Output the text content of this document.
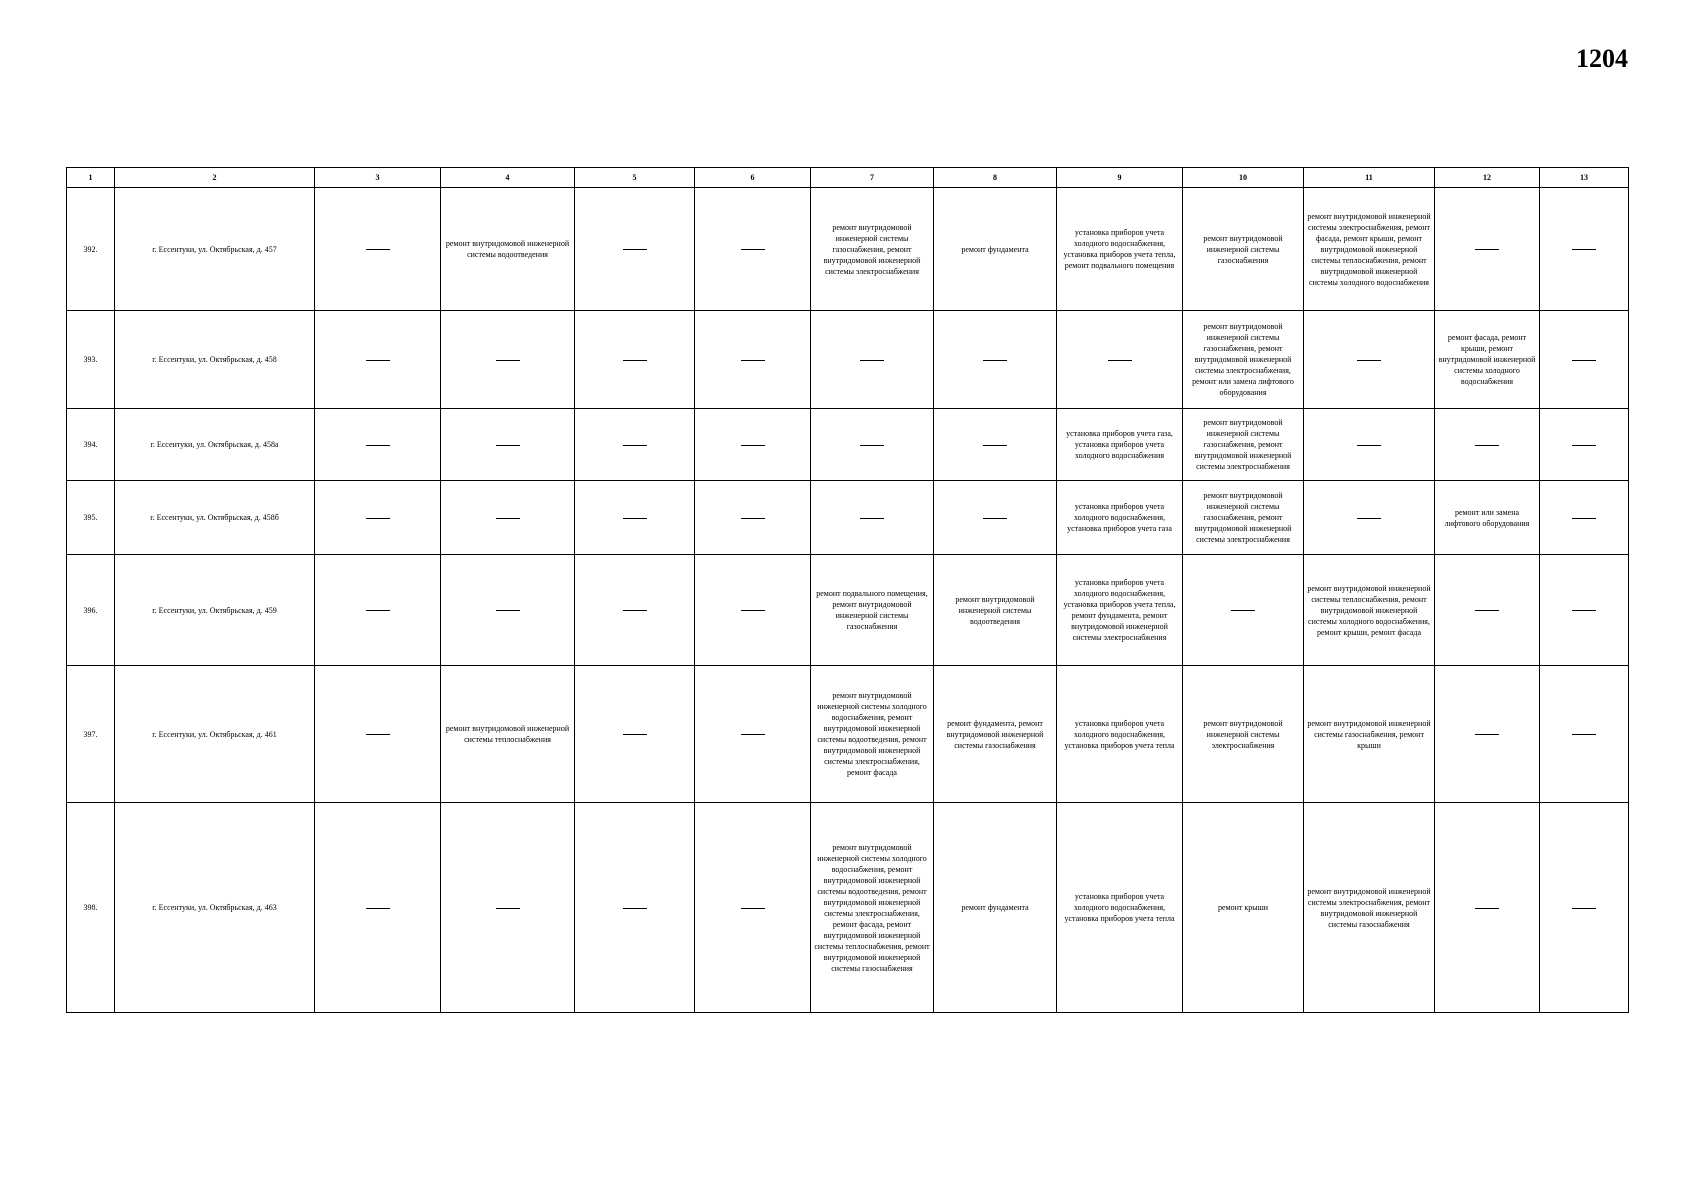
1204
1	2	3	4	5	6	7	8	9	10	11	12	13
392.	г. Ессентуки, ул. Октябрьская, д. 457		ремонт внутридомовой инженерной системы водоотведения			ремонт внутридомовой инженерной системы газоснабжения, ремонт внутридомовой инженерной системы электроснабжения	ремонт фундамента	установка приборов учета холодного водоснабжения, установка приборов учета тепла, ремонт подвального помещения	ремонт внутридомовой инженерной системы газоснабжения	ремонт внутридомовой инженерной системы электроснабжения, ремонт фасада, ремонт крыши, ремонт внутридомовой инженерной системы теплоснабжения, ремонт внутридомовой инженерной системы холодного водоснабжения		
393.	г. Ессентуки, ул. Октябрьская, д. 458								ремонт внутридомовой инженерной системы газоснабжения, ремонт внутридомовой инженерной системы электроснабжения, ремонт или замена лифтового оборудования		ремонт фасада, ремонт крыши, ремонт внутридомовой инженерной системы холодного водоснабжения	
394.	г. Ессентуки, ул. Октябрьская, д. 458а							установка приборов учета газа, установка приборов учета холодного водоснабжения	ремонт внутридомовой инженерной системы газоснабжения, ремонт внутридомовой инженерной системы электроснабжения			
395.	г. Ессентуки, ул. Октябрьская, д. 458б							установка приборов учета холодного водоснабжения, установка приборов учета газа	ремонт внутридомовой инженерной системы газоснабжения, ремонт внутридомовой инженерной системы электроснабжения		ремонт или замена лифтового оборудования	
396.	г. Ессентуки, ул. Октябрьская, д. 459					ремонт подвального помещения, ремонт внутридомовой инженерной системы газоснабжения	ремонт внутридомовой инженерной системы водоотведения	установка приборов учета холодного водоснабжения, установка приборов учета тепла, ремонт фундамента, ремонт внутридомовой инженерной системы электроснабжения		ремонт внутридомовой инженерной системы теплоснабжения, ремонт внутридомовой инженерной системы холодного водоснабжения, ремонт крыши, ремонт фасада		
397.	г. Ессентуки, ул. Октябрьская, д. 461		ремонт внутридомовой инженерной системы теплоснабжения			ремонт внутридомовой инженерной системы холодного водоснабжения, ремонт внутридомовой инженерной системы водоотведения, ремонт внутридомовой инженерной системы электроснабжения, ремонт фасада	ремонт фундамента, ремонт внутридомовой инженерной системы газоснабжения	установка приборов учета холодного водоснабжения, установка приборов учета тепла	ремонт внутридомовой инженерной системы электроснабжения	ремонт внутридомовой инженерной системы газоснабжения, ремонт крыши		
398.	г. Ессентуки, ул. Октябрьская, д. 463					ремонт внутридомовой инженерной системы холодного водоснабжения, ремонт внутридомовой инженерной системы водоотведения, ремонт внутридомовой инженерной системы электроснабжения, ремонт фасада, ремонт внутридомовой инженерной системы теплоснабжения, ремонт внутридомовой инженерной системы газоснабжения	ремонт фундамента	установка приборов учета холодного водоснабжения, установка приборов учета тепла	ремонт крыши	ремонт внутридомовой инженерной системы электроснабжения, ремонт внутридомовой инженерной системы газоснабжения		
